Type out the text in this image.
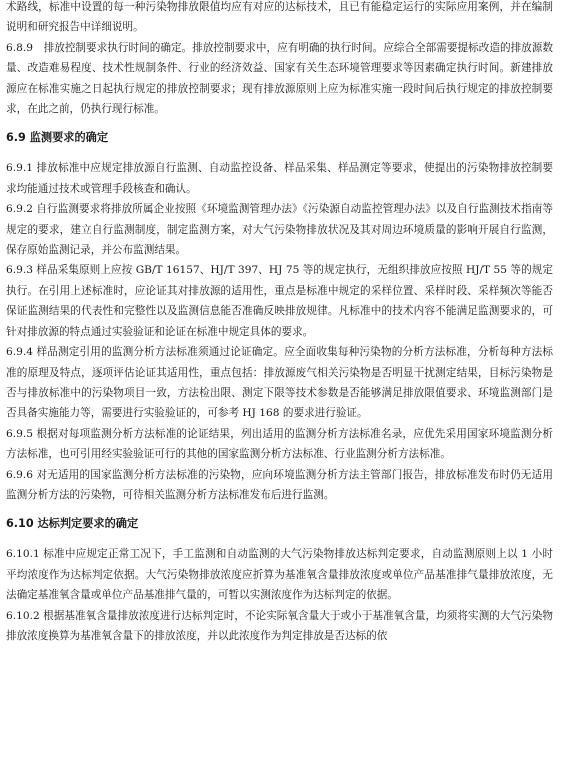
术路线，标准中设置的每一种污染物排放限值均应有对应的达标技术，且已有能稳定运行的实际应用案例，并在编制说明和研究报告中详细说明。

6.8.9　排放控制要求执行时间的确定。排放控制要求中，应有明确的执行时间。应综合全部需要提标改造的排放源数量、改造难易程度、技术性规制条件、行业的经济效益、国家有关生态环境管理要求等因素确定执行时间。新建排放源应在标准实施之日起执行规定的排放控制要求；现有排放源原则上应为标准实施一段时间后执行规定的排放控制要求，在此之前，仍执行现行标准。

6.9 监测要求的确定

6.9.1 排放标准中应规定排放源自行监测、自动监控设备、样品采集、样品测定等要求，使提出的污染物排放控制要求均能通过技术或管理手段核查和确认。

6.9.2 自行监测要求将排放所属企业按照《环境监测管理办法》《污染源自动监控管理办法》以及自行监测技术指南等规定的要求，建立自行监测制度，制定监测方案，对大气污染物排放状况及其对周边环境质量的影响开展自行监测，保存原始监测记录，并公布监测结果。

6.9.3 样品采集原则上应按 GB/T 16157、HJ/T 397、HJ 75 等的规定执行，无组织排放应按照 HJ/T 55 等的规定执行。在引用上述标准时，应论证其对排放源的适用性，重点是标准中规定的采样位置、采样时段、采样频次等能否保证监测结果的代表性和完整性以及监测信息能否准确反映排放规律。凡标准中的技术内容不能满足监测要求的，可针对排放源的特点通过实验验证和论证在标准中规定具体的要求。

6.9.4 样品测定引用的监测分析方法标准须通过论证确定。应全面收集每种污染物的分析方法标准，分析每种方法标准的原理及特点，逐项评估论证其适用性，重点包括：排放源废气相关污染物是否明显干扰测定结果，目标污染物是否与排放标准中的污染物项目一致，方法检出限、测定下限等技术参数是否能够满足排放限值要求、环境监测部门是否具备实施能力等，需要进行实验验证的，可参考 HJ 168 的要求进行验证。

6.9.5 根据对每项监测分析方法标准的论证结果，列出适用的监测分析方法标准名录，应优先采用国家环境监测分析方法标准，也可引用经实验验证可行的其他的国家监测分析方法标准、行业监测分析方法标准。

6.9.6 对无适用的国家监测分析方法标准的污染物，应向环境监测分析方法主管部门报告，排放标准发布时仍无适用监测分析方法的污染物，可待相关监测分析方法标准发布后进行监测。

6.10 达标判定要求的确定

6.10.1 标准中应规定正常工况下，手工监测和自动监测的大气污染物排放达标判定要求，自动监测原则上以 1 小时平均浓度作为达标判定依据。大气污染物排放浓度应折算为基准氧含量排放浓度或单位产品基准排气量排放浓度，无法确定基准氧含量或单位产品基准排气量的，可暂以实测浓度作为达标判定的依据。

6.10.2 根据基准氧含量排放浓度进行达标判定时，不论实际氧含量大于或小于基准氧含量，均须将实测的大气污染物排放浓度换算为基准氧含量下的排放浓度，并以此浓度作为判定排放是否达标的依
